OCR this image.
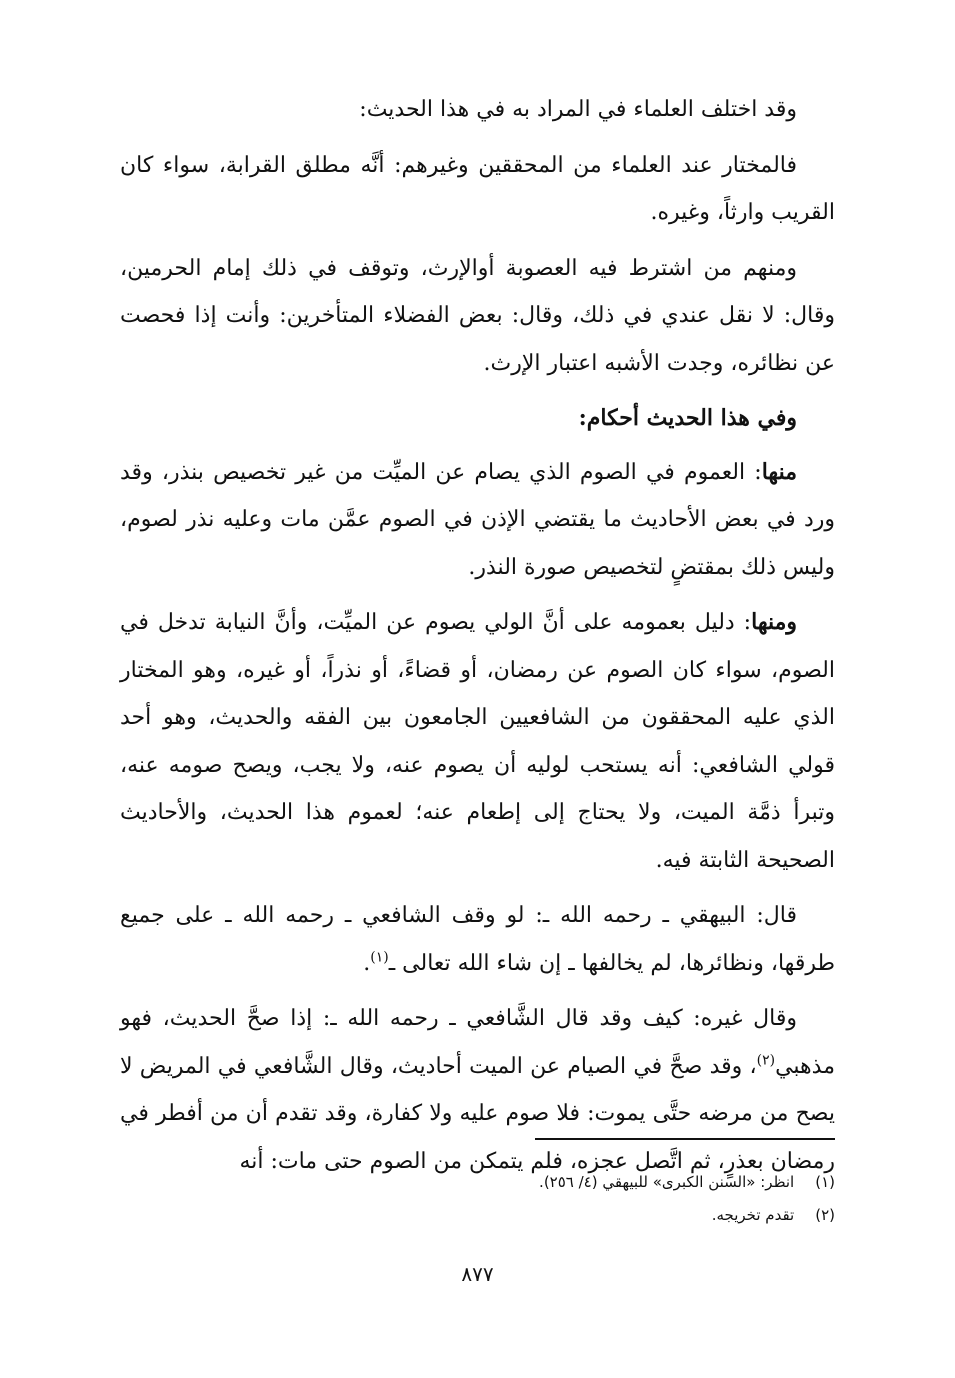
وقد اختلف العلماء في المراد به في هذا الحديث:

فالمختار عند العلماء من المحققين وغيرهم: أنَّه مطلق القرابة، سواء كان القريب وارثاً، وغيره.

ومنهم من اشترط فيه العصوبة أوالإرث، وتوقف في ذلك إمام الحرمين، وقال: لا نقل عندي في ذلك، وقال: بعض الفضلاء المتأخرين: وأنت إذا فحصت عن نظائره، وجدت الأشبه اعتبار الإرث.

وفي هذا الحديث أحكام:

منها: العموم في الصوم الذي يصام عن الميِّت من غير تخصيص بنذر، وقد ورد في بعض الأحاديث ما يقتضي الإذن في الصوم عمَّن مات وعليه نذر لصوم، وليس ذلك بمقتضٍ لتخصيص صورة النذر.

ومنها: دليل بعمومه على أنَّ الولي يصوم عن الميِّت، وأنَّ النيابة تدخل في الصوم، سواء كان الصوم عن رمضان، أو قضاءً، أو نذراً، أو غيره، وهو المختار الذي عليه المحققون من الشافعيين الجامعون بين الفقه والحديث، وهو أحد قولي الشافعي: أنه يستحب لوليه أن يصوم عنه، ولا يجب، ويصح صومه عنه، وتبرأ ذمَّة الميت، ولا يحتاج إلى إطعام عنه؛ لعموم هذا الحديث، والأحاديث الصحيحة الثابتة فيه.

قال: البيهقي ـ رحمه الله ـ: لو وقف الشافعي ـ رحمه الله ـ على جميع طرقها، ونظائرها، لم يخالفها ـ إن شاء الله تعالى ـ$^{(١)}$.

وقال غيره: كيف وقد قال الشَّافعي ـ رحمه الله ـ: إذا صحَّ الحديث، فهو مذهبي$^{(٢)}$، وقد صحَّ في الصيام عن الميت أحاديث، وقال الشَّافعي في المريض لا يصح من مرضه حتَّى يموت: فلا صوم عليه ولا كفارة، وقد تقدم أن من أفطر في رمضان بعذرٍ، ثم اتَّصل عجزه، فلم يتمكن من الصوم حتى مات: أنه

(١) انظر: «السنن الكبرى» للبيهقي (٤/ ٢٥٦).
(٢) تقدم تخريجه.
٨٧٧
